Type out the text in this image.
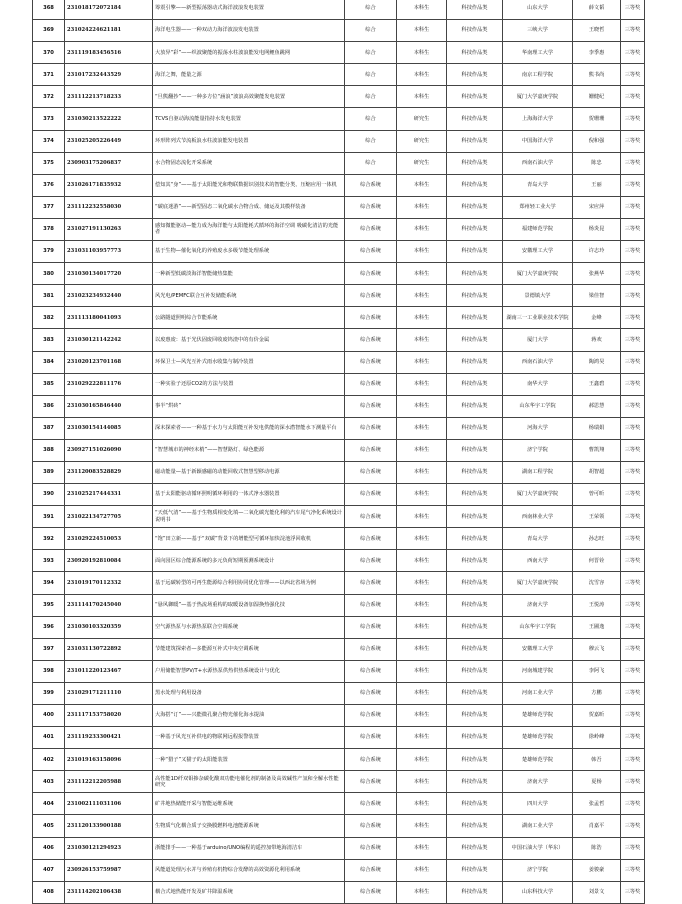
368	231018172072184	筹震引擎——新型振荡器动式海洋波浪发电装置	综合	本科生	科技作品类	山东大学	薛文韬	三等奖
369	231024224621181	海洋电生器——一种双动力海洋波浪发电装置	综合	本科生	科技作品类	三峡大学	王晓哲	三等奖
370	231119183456516	大放异“彩”——织波聚能的振荡水柱波浪能发电网鲤鱼跳网	综合	本科生	科技作品类	华南理工大学	李季惠	三等奖
371	231017232443529	海洋之舞，能量之源	综合	本科生	科技作品类	南京工程学院	熊书尚	三等奖
372	231112213718233	“旦熊翻抄”——一种多方位“涵浪”波浪高效聚能发电装置	综合	本科生	科技作品类	厦门大学嘉庚学院	姗健纪	三等奖
373	231030213522222	TCVS自驱动海流能量指持水发电装置	综合	研究生	科技作品类	上海海洋大学	贺珊珊	三等奖
374	231025205226449	环形阵列式节流板浪水柱波浪能发电装置	综合	研究生	科技作品类	中国海洋大学	倪和强	三等奖
375	230903175206837	水合物固态流化开采系统	综合	研究生	科技作品类	西南石油大学	陈忠	三等奖
376	231026171835932	偿知其“身”——基于太阳能光和物联数据识别技术的智能分类、压缩应用一体机	综合系统	本科生	科技作品类	青岛大学	王丽	三等奖
377	231112232558030	“碳底迷游”——新型固态二氧化碳水合物合成、储运及其模样装备	综合系统	本科生	科技作品类	郑州轻工业大学	宋应萍	三等奖
378	231027191130263	感知微能驱动—能力成为海洋能与太阳能耗式循环的海洋空调 吸碳化清洁的光能者	综合系统	本科生	科技作品类	福建师范学院	杨炎昆	三等奖
379	231031103957773	基于生物—催化氧化的养殖废水多级节能处理系统	综合系统	本科生	科技作品类	安徽理工大学	许志玲	三等奖
380	231030134017720	一种新型低碳淡海洋智能储热集能	综合系统	本科生	科技作品类	厦门大学嘉庚学院	张燕华	三等奖
381	231023234932440	风光电/PEMFC联合互补发储能系统	综合系统	本科生	科技作品类	景德镇大学	梁佳智	三等奖
382	231113180041093	公路隧道照明综合节能系统	综合系统	本科生	科技作品类	湖南三一工业职业技术学院	金峰	三等奖
383	231030121142242	以废惠废：基于光伏固废回收废钨渣中的有价金属	综合系统	本科生	科技作品类	厦门大学	蒋欢	三等奖
384	231020123701168	环保卫士—风光互补式雨水收集与制冷装置	综合系统	本科生	科技作品类	西南石油大学	陶鸿昊	三等奖
385	231029222811176	一种实验子还原CO2的方法与装置	综合系统	本科生	科技作品类	南华大学	王鑫碧	三等奖
386	231030165846440	事半“烘砖”	综合系统	本科生	科技作品类	山东华宇工学院	郝思慧	三等奖
387	231030154144085	深末探索者——一种基于水力与太阳能互补发电供能的深水潜智能水下测量平台	综合系统	本科生	科技作品类	河海大学	杨瑞娟	三等奖
388	230927151026090	“智慧城市的神经末梢”——智慧路灯、绿色能源	综合系统	本科生	科技作品类	济宁学院	曹凯翔	三等奖
389	231120083528829	磁动能量—基于新颖感磁的动能回收式智慧型移动电源	综合系统	本科生	科技作品类	湖南工程学院	胡智超	三等奖
390	231025217444331	基于太阳能驱动循环照明循环利用的一体式净水器装置	综合系统	本科生	科技作品类	厦门大学嘉庚学院	曾可昕	三等奖
391	231022134727705	“天低气清”——基于生物质相变化填—二氧化碳光能化利的汽车尾气净化系统设计说明书	综合系统	本科生	科技作品类	西南林业大学	王荣领	三等奖
392	231029224510053	“饱”田立新——基于“双碳”背景下的增能型可循环加快淀池浮回收机	综合系统	本科生	科技作品类	青岛大学	孙志旺	三等奖
393	230920192810084	面向园区综合能源系统的多元负荷短期预测系统设计	综合系统	本科生	科技作品类	西南大学	何晋铨	三等奖
394	231019170112332	基于远碳转型的可再生能源综合利用协同优化管理——以西北省场为例	综合系统	本科生	科技作品类	厦门大学嘉庚学院	沈雪容	三等奖
395	231114170245040	“悬风御暖”—基于热流场重构的取暖设备加湿换热强化技	综合系统	本科生	科技作品类	济南大学	王悦涛	三等奖
396	231030103320359	空气源热泵与水源热泵联合空调系统	综合系统	本科生	科技作品类	山东华宇工学院	王圃逸	三等奖
397	231031130722892	节能建筑探索者—多能源互补式中央空调系统	综合系统	本科生	科技作品类	安徽理工大学	穆云飞	三等奖
398	231011220123467	户用储能智慧PV/T+水源热泵供热供热系统设计与优化	综合系统	本科生	科技作品类	河南城建学院	李阿飞	三等奖
399	231029171211110	黑水处理与利用设备	综合系统	本科生	科技作品类	河南工业大学	方鹏	三等奖
400	231117153758020	大海搭“订”——兴能微孔聚合物光催化海水提油	综合系统	本科生	科技作品类	楚雄师范学院	贺嘉昕	三等奖
401	231119233300421	一种基于风光互补供电的物联网远程报警装置	综合系统	本科生	科技作品类	楚雄师范学院	徐岭峰	三等奖
402	231019163158096	一种“猎子”又猫子的太阳能装置	综合系统	本科生	科技作品类	楚雄师范学院	韩吾	三等奖
403	231112212205988	高性能1D纤双钼掺杂碳化酸双功能电催化剂的制备及高效碱性产氢和全解水性能研究	综合系统	本科生	科技作品类	济南大学	夏杨	三等奖
404	231002111031106	矿井地热储能开采与智能运维系统	综合系统	本科生	科技作品类	四川大学	张孟哲	三等奖
405	231120133900188	生物质气化耦合质子交换膜燃料电池能源系统	综合系统	本科生	科技作品类	湖南工业大学	肖嘉平	三等奖
406	231030121294923	浙能排手——一种基于arduino/UNO编程的遥控加带地海清洁车	综合系统	本科生	科技作品类	中国石油大学（华东）	陈浩	三等奖
407	230926153759987	风能道处理污水并与养殖有机物综合发酵的高效资源化利用系统	综合系统	本科生	科技作品类	济宁学院	姜骏豪	三等奖
408	231114202106438	耦合式地热能开发及矿井降温系统	综合系统	本科生	科技作品类	山东科技大学	刘景文	三等奖
